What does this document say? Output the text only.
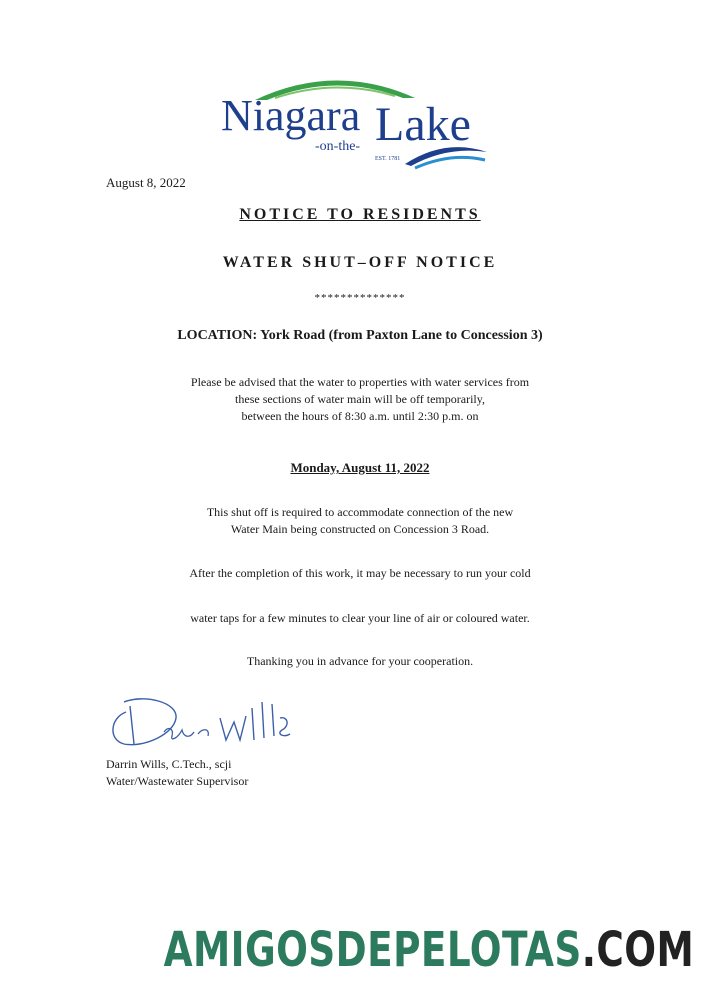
Niagara Lake
-on-the-
EST. 1781
August 8, 2022
NOTICE TO RESIDENTS
WATER SHUT–OFF NOTICE
**************
LOCATION: York Road (from Paxton Lane to Concession 3)
Please be advised that the water to properties with water services from
these sections of water main will be off temporarily,
between the hours of 8:30 a.m. until 2:30 p.m. on
Monday, August 11, 2022
This shut off is required to accommodate connection of the new
Water Main being constructed on Concession 3 Road.
After the completion of this work, it may be necessary to run your cold
water taps for a few minutes to clear your line of air or coloured water.
Thanking you in advance for your cooperation.
Darrin Wills, C.Tech., scji
Water/Wastewater Supervisor
AMIGOSDEPELOTAS.COM
